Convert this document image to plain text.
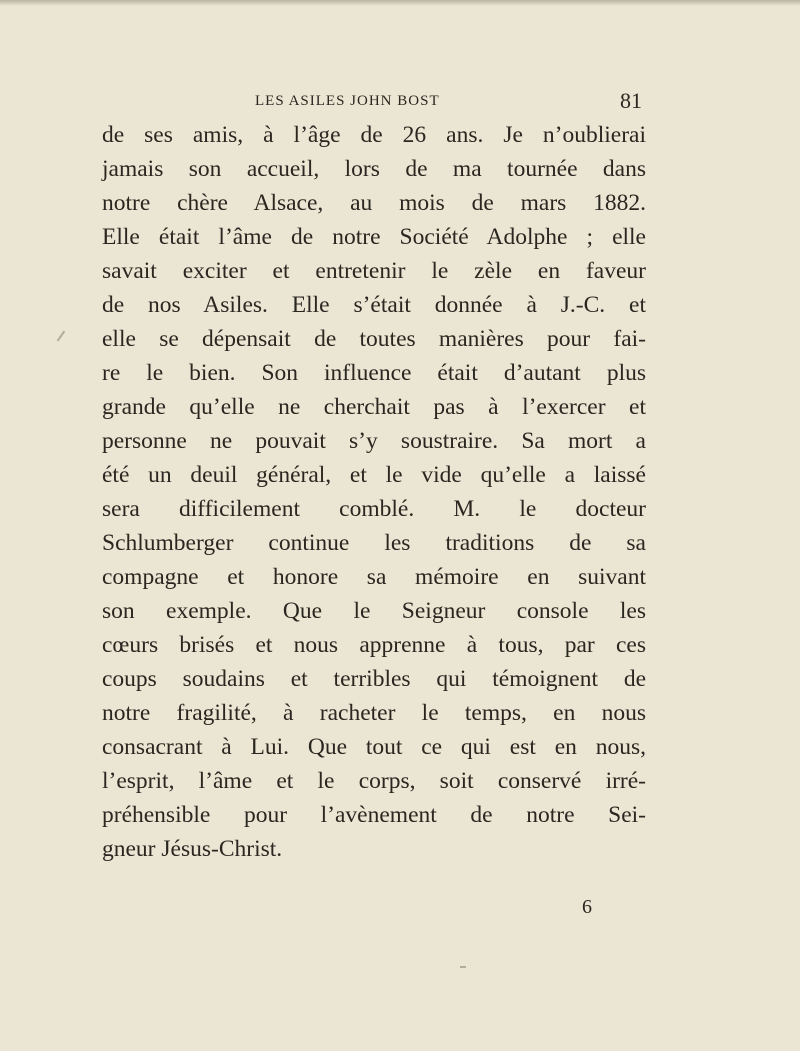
LES ASILES JOHN BOST	81
de ses amis, à l’âge de 26 ans. Je n’oublierai
jamais son accueil, lors de ma tournée dans
notre chère Alsace, au mois de mars 1882.
Elle était l’âme de notre Société Adolphe ; elle
savait exciter et entretenir le zèle en faveur
de nos Asiles. Elle s’était donnée à J.-C. et
elle se dépensait de toutes manières pour fai-
re le bien. Son influence était d’autant plus
grande qu’elle ne cherchait pas à l’exercer et
personne ne pouvait s’y soustraire. Sa mort a
été un deuil général, et le vide qu’elle a laissé
sera difficilement comblé. M. le docteur
Schlumberger continue les traditions de sa
compagne et honore sa mémoire en suivant
son exemple. Que le Seigneur console les
cœurs brisés et nous apprenne à tous, par ces
coups soudains et terribles qui témoignent de
notre fragilité, à racheter le temps, en nous
consacrant à Lui. Que tout ce qui est en nous,
l’esprit, l’âme et le corps, soit conservé irré-
préhensible pour l’avènement de notre Sei-
gneur Jésus-Christ.
6
